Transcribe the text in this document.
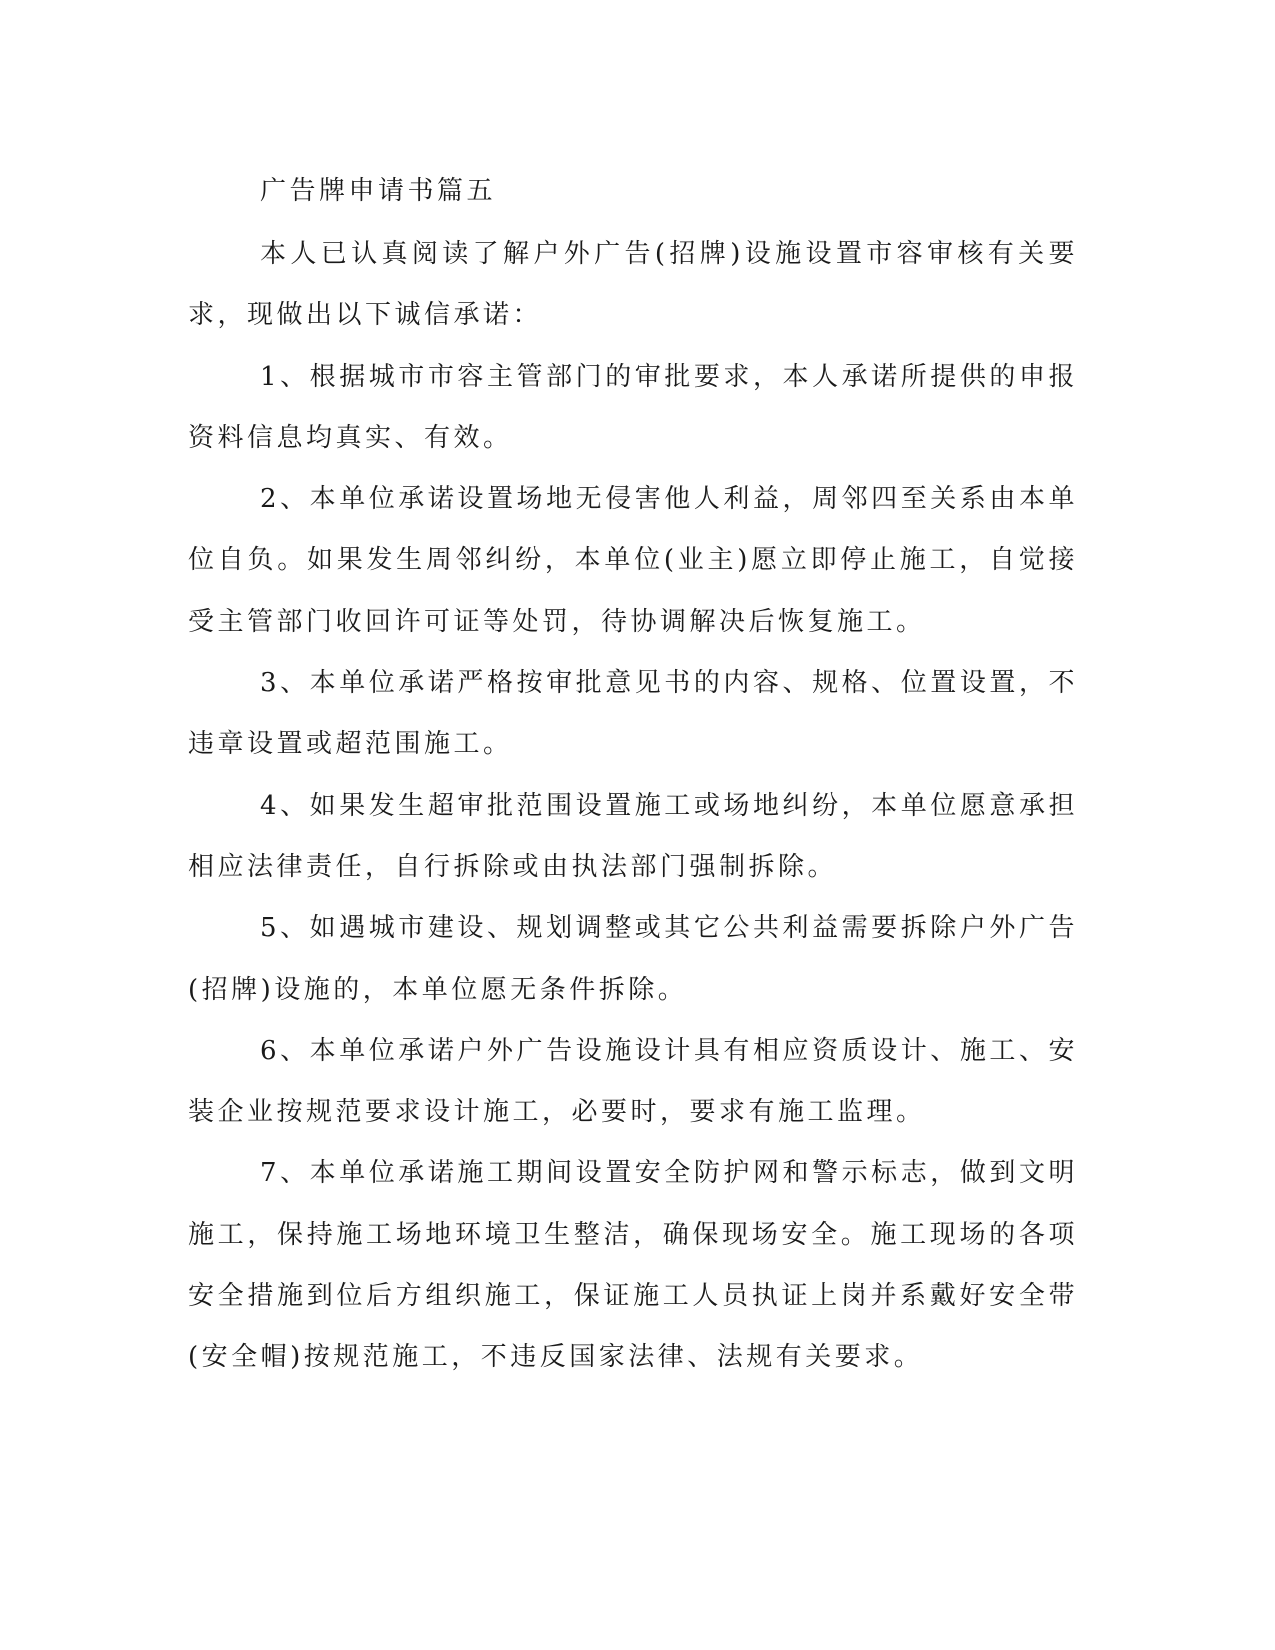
广告牌申请书篇五

本人已认真阅读了解户外广告(招牌)设施设置市容审核有关要求，现做出以下诚信承诺：

1、根据城市市容主管部门的审批要求，本人承诺所提供的申报资料信息均真实、有效。

2、本单位承诺设置场地无侵害他人利益，周邻四至关系由本单位自负。如果发生周邻纠纷，本单位(业主)愿立即停止施工，自觉接受主管部门收回许可证等处罚，待协调解决后恢复施工。

3、本单位承诺严格按审批意见书的内容、规格、位置设置，不违章设置或超范围施工。

4、如果发生超审批范围设置施工或场地纠纷，本单位愿意承担相应法律责任，自行拆除或由执法部门强制拆除。

5、如遇城市建设、规划调整或其它公共利益需要拆除户外广告(招牌)设施的，本单位愿无条件拆除。

6、本单位承诺户外广告设施设计具有相应资质设计、施工、安装企业按规范要求设计施工，必要时，要求有施工监理。

7、本单位承诺施工期间设置安全防护网和警示标志，做到文明施工，保持施工场地环境卫生整洁，确保现场安全。施工现场的各项安全措施到位后方组织施工，保证施工人员执证上岗并系戴好安全带(安全帽)按规范施工，不违反国家法律、法规有关要求。
